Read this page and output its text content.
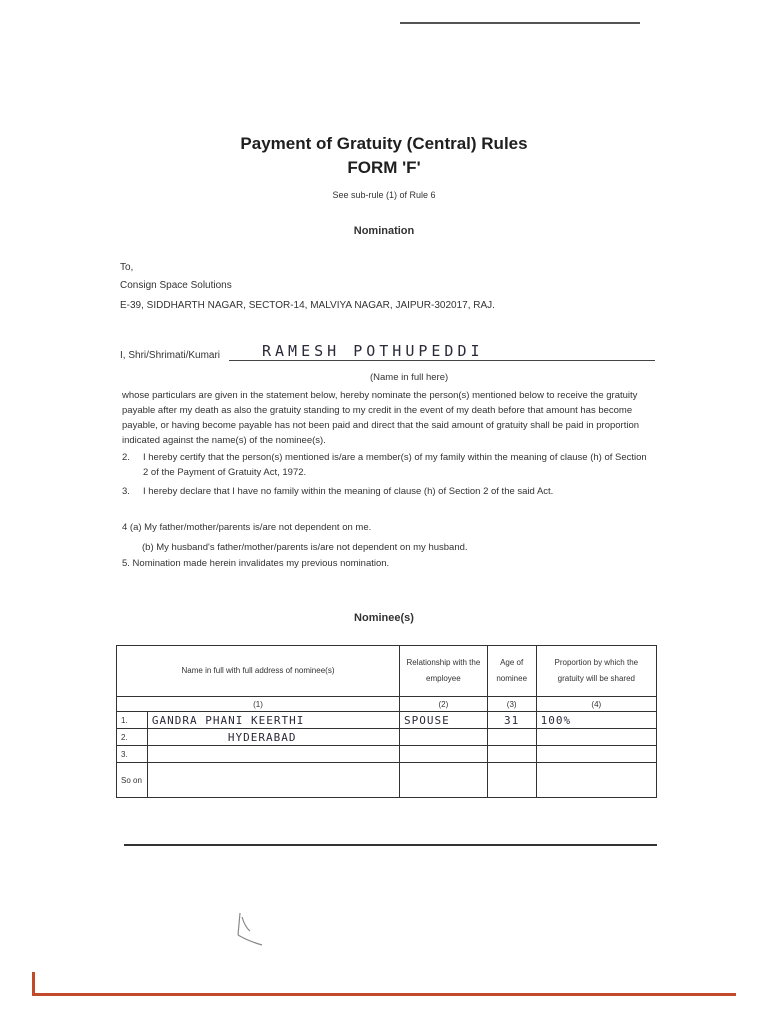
Payment of Gratuity (Central) Rules
FORM 'F'
See sub-rule (1) of Rule 6
Nomination
To,
Consign Space Solutions
E-39, SIDDHARTH NAGAR, SECTOR-14, MALVIYA NAGAR, JAIPUR-302017, RAJ.
I, Shri/Shrimati/Kumari	RAMESH POTHUPEDDI
(Name in full here)
whose particulars are given in the statement below, hereby nominate the person(s) mentioned below to receive the gratuity payable after my death as also the gratuity standing to my credit in the event of my death before that amount has become payable, or having become payable has not been paid and direct that the said amount of gratuity shall be paid in proportion indicated against the name(s) of the nominee(s).
2.	I hereby certify that the person(s) mentioned is/are a member(s) of my family within the meaning of clause (h) of Section 2 of the Payment of Gratuity Act, 1972.
3.	I hereby declare that I have no family within the meaning of clause (h) of Section 2 of the said Act.
4 (a) My father/mother/parents is/are not dependent on me.
(b) My husband's father/mother/parents is/are not dependent on my husband.
5. Nomination made herein invalidates my previous nomination.
Nominee(s)
Name in full with full address of nominee(s)		Relationship with the employee	Age of nominee	Proportion by which the gratuity will be shared
(1)		(2)	(3)	(4)
1.	GANDRA PHANI KEERTHI	SPOUSE	31	100%
2.	HYDERABAD			
3.				
So on				
